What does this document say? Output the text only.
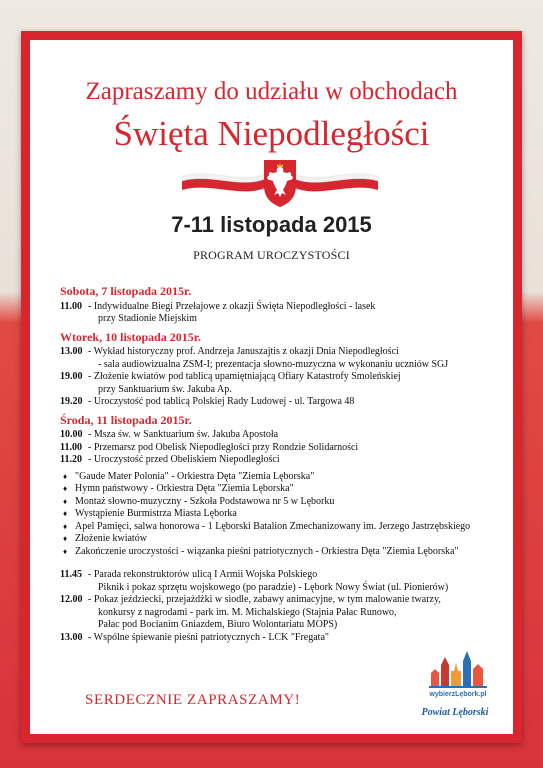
Zapraszamy do udziału w obchodach
Święta Niepodległości
7-11 listopada 2015
PROGRAM UROCZYSTOŚCI
Sobota, 7 listopada 2015r.
11.00 - Indywidualne Biegi Przełajowe z okazji Święta Niepodległości - lasek
przy Stadionie Miejskim
Wtorek, 10 listopada 2015r.
13.00 - Wykład historyczny prof. Andrzeja Januszajtis z okazji Dnia Niepodległości
- sala audiowizualna ZSM-I; prezentacja słowno-muzyczna w wykonaniu uczniów SGJ
19.00 - Złożenie kwiatów pod tablicą upamiętniającą Ofiary Katastrofy Smoleńskiej
przy Sanktuarium św. Jakuba Ap.
19.20 - Uroczystość pod tablicą Polskiej Rady Ludowej - ul. Targowa 48
Środa, 11 listopada 2015r.
10.00 - Msza św. w Sanktuarium św. Jakuba Apostoła
11.00 - Przemarsz pod Obelisk Niepodległości przy Rondzie Solidarności
11.20 - Uroczystość przed Obeliskiem Niepodległości
♦ "Gaude Mater Polonia" - Orkiestra Dęta "Ziemia Lęborska"
♦ Hymn państwowy - Orkiestra Dęta "Ziemia Lęborska"
♦ Montaż słowno-muzyczny - Szkoła Podstawowa nr 5 w Lęborku
♦ Wystąpienie Burmistrza Miasta Lęborka
♦ Apel Pamięci, salwa honorowa - 1 Lęborski Batalion Zmechanizowany im. Jerzego Jastrzębskiego
♦ Złożenie kwiatów
♦ Zakończenie uroczystości - wiązanka pieśni patriotycznych - Orkiestra Dęta "Ziemia Lęborska"
11.45 - Parada rekonstruktorów ulicą I Armii Wojska Polskiego
Piknik i pokaz sprzętu wojskowego (po paradzie) - Lębork Nowy Świat (ul. Pionierów)
12.00 - Pokaz jeździecki, przejażdżki w siodle, zabawy animacyjne, w tym malowanie twarzy,
konkursy z nagrodami - park im. M. Michalskiego (Stajnia Pałac Runowo,
Pałac pod Bocianim Gniazdem, Biuro Wolontariatu MOPS)
13.00 - Wspólne śpiewanie pieśni patriotycznych - LCK "Fregata"
SERDECZNIE ZAPRASZAMY!	wybierzLębork.pl
Powiat Lęborski
